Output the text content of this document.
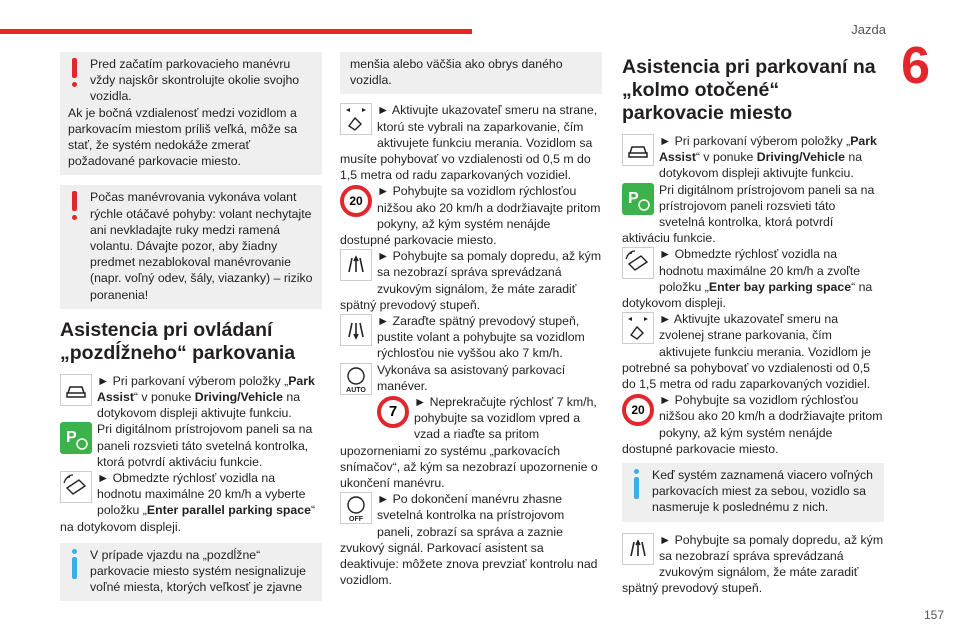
Jazda
6
157
Pred začatím parkovacieho manévru vždy najskôr skontrolujte okolie svojho vozidla.
Ak je bočná vzdialenosť medzi vozidlom a parkovacím miestom príliš veľká, môže sa stať, že systém nedokáže zmerať požadované parkovacie miesto.
Počas manévrovania vykonáva volant rýchle otáčavé pohyby: volant nechytajte ani nevkladajte ruky medzi ramená volantu. Dávajte pozor, aby žiadny predmet nezablokoval manévrovanie (napr. voľný odev, šály, viazanky) – riziko poranenia!
Asistencia pri ovládaní „pozdĺžneho“ parkovania
► Pri parkovaní výberom položky „Park Assist“ v ponuke Driving/Vehicle na dotykovom displeji aktivujte funkciu.
P Pri digitálnom prístrojovom paneli sa na paneli rozsvieti táto svetelná kontrolka, ktorá potvrdí aktiváciu funkcie.
► Obmedzte rýchlosť vozidla na hodnotu maximálne 20 km/h a vyberte položku „Enter parallel parking space“ na dotykovom displeji.
V prípade vjazdu na „pozdĺžne“ parkovacie miesto systém nesignalizuje voľné miesta, ktorých veľkosť je zjavne
menšia alebo väčšia ako obrys daného vozidla.
► Aktivujte ukazovateľ smeru na strane, ktorú ste vybrali na zaparkovanie, čím aktivujete funkciu merania. Vozidlom sa musíte pohybovať vo vzdialenosti od 0,5 m do 1,5 metra od radu zaparkovaných vozidiel.
20
► Pohybujte sa vozidlom rýchlosťou nižšou ako 20 km/h a dodržiavajte pritom pokyny, až kým systém nenájde dostupné parkovacie miesto.
► Pohybujte sa pomaly dopredu, až kým sa nezobrazí správa sprevádzaná zvukovým signálom, že máte zaradiť spätný prevodový stupeň.
► Zaraďte spätný prevodový stupeň, pustite volant a pohybujte sa vozidlom rýchlosťou nie vyššou ako 7 km/h.
AUTO
Vykonáva sa asistovaný parkovací manéver.
7
► Neprekračujte rýchlosť 7 km/h, pohybujte sa vozidlom vpred a vzad a riaďte sa pritom upozorneniami zo systému „parkovacích snímačov“, až kým sa nezobrazí upozornenie o ukončení manévru.
OFF
► Po dokončení manévru zhasne svetelná kontrolka na prístrojovom paneli, zobrazí sa správa a zaznie zvukový signál. Parkovací asistent sa deaktivuje: môžete znova prevziať kontrolu nad vozidlom.
Asistencia pri parkovaní na „kolmo otočené“ parkovacie miesto
► Pri parkovaní výberom položky „Park Assist“ v ponuke Driving/Vehicle na dotykovom displeji aktivujte funkciu.
P Pri digitálnom prístrojovom paneli sa na prístrojovom paneli rozsvieti táto svetelná kontrolka, ktorá potvrdí aktiváciu funkcie.
► Obmedzte rýchlosť vozidla na hodnotu maximálne 20 km/h a zvoľte položku „Enter bay parking space“ na dotykovom displeji.
► Aktivujte ukazovateľ smeru na zvolenej strane parkovania, čím aktivujete funkciu merania. Vozidlom je potrebné sa pohybovať vo vzdialenosti od 0,5 do 1,5 metra od radu zaparkovaných vozidiel.
20
► Pohybujte sa vozidlom rýchlosťou nižšou ako 20 km/h a dodržiavajte pritom pokyny, až kým systém nenájde dostupné parkovacie miesto.
Keď systém zaznamená viacero voľných parkovacích miest za sebou, vozidlo sa nasmeruje k poslednému z nich.
► Pohybujte sa pomaly dopredu, až kým sa nezobrazí správa sprevádzaná zvukovým signálom, že máte zaradiť spätný prevodový stupeň.
